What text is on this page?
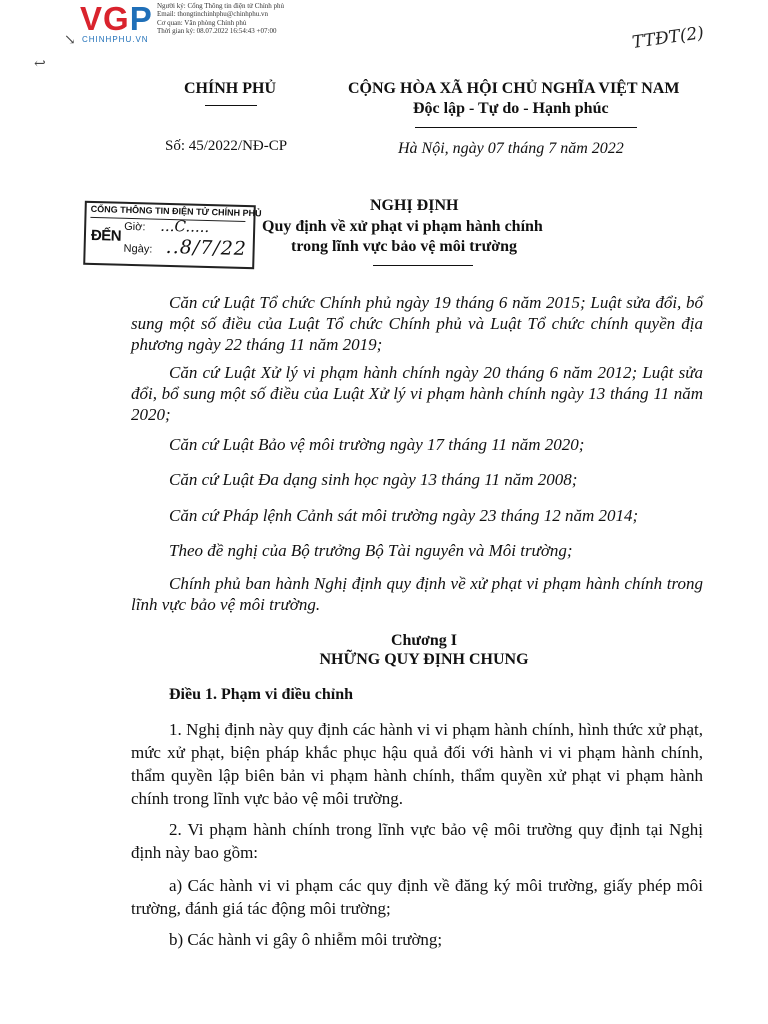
VGP
CHINHPHU.VN
Người ký: Cổng Thông tin điện tử Chính phủ
Email: thongtinchinhphu@chinhphu.vn
Cơ quan: Văn phòng Chính phủ
Thời gian ký: 08.07.2022 16:54:43 +07:00	TTĐT(2)
↘
↩
CHÍNH PHỦ	CỘNG HÒA XÃ HỘI CHỦ NGHĨA VIỆT NAM
Độc lập - Tự do - Hạnh phúc
Số: 45/2022/NĐ-CP	Hà Nội, ngày 07 tháng 7 năm 2022
CỔNG THÔNG TIN ĐIỆN TỬ CHÍNH PHỦ
ĐẾN Giờ: ...C.....
Ngày: ..8/7/22
NGHỊ ĐỊNH
Quy định về xử phạt vi phạm hành chính
trong lĩnh vực bảo vệ môi trường
Căn cứ Luật Tổ chức Chính phủ ngày 19 tháng 6 năm 2015; Luật sửa đổi, bổ sung một số điều của Luật Tổ chức Chính phủ và Luật Tổ chức chính quyền địa phương ngày 22 tháng 11 năm 2019;
Căn cứ Luật Xử lý vi phạm hành chính ngày 20 tháng 6 năm 2012; Luật sửa đổi, bổ sung một số điều của Luật Xử lý vi phạm hành chính ngày 13 tháng 11 năm 2020;
Căn cứ Luật Bảo vệ môi trường ngày 17 tháng 11 năm 2020;
Căn cứ Luật Đa dạng sinh học ngày 13 tháng 11 năm 2008;
Căn cứ Pháp lệnh Cảnh sát môi trường ngày 23 tháng 12 năm 2014;
Theo đề nghị của Bộ trưởng Bộ Tài nguyên và Môi trường;
Chính phủ ban hành Nghị định quy định về xử phạt vi phạm hành chính trong lĩnh vực bảo vệ môi trường.
Chương I
NHỮNG QUY ĐỊNH CHUNG
Điều 1. Phạm vi điều chỉnh
1. Nghị định này quy định các hành vi vi phạm hành chính, hình thức xử phạt, mức xử phạt, biện pháp khắc phục hậu quả đối với hành vi vi phạm hành chính, thẩm quyền lập biên bản vi phạm hành chính, thẩm quyền xử phạt vi phạm hành chính trong lĩnh vực bảo vệ môi trường.
2. Vi phạm hành chính trong lĩnh vực bảo vệ môi trường quy định tại Nghị định này bao gồm:
a) Các hành vi vi phạm các quy định về đăng ký môi trường, giấy phép môi trường, đánh giá tác động môi trường;
b) Các hành vi gây ô nhiễm môi trường;
